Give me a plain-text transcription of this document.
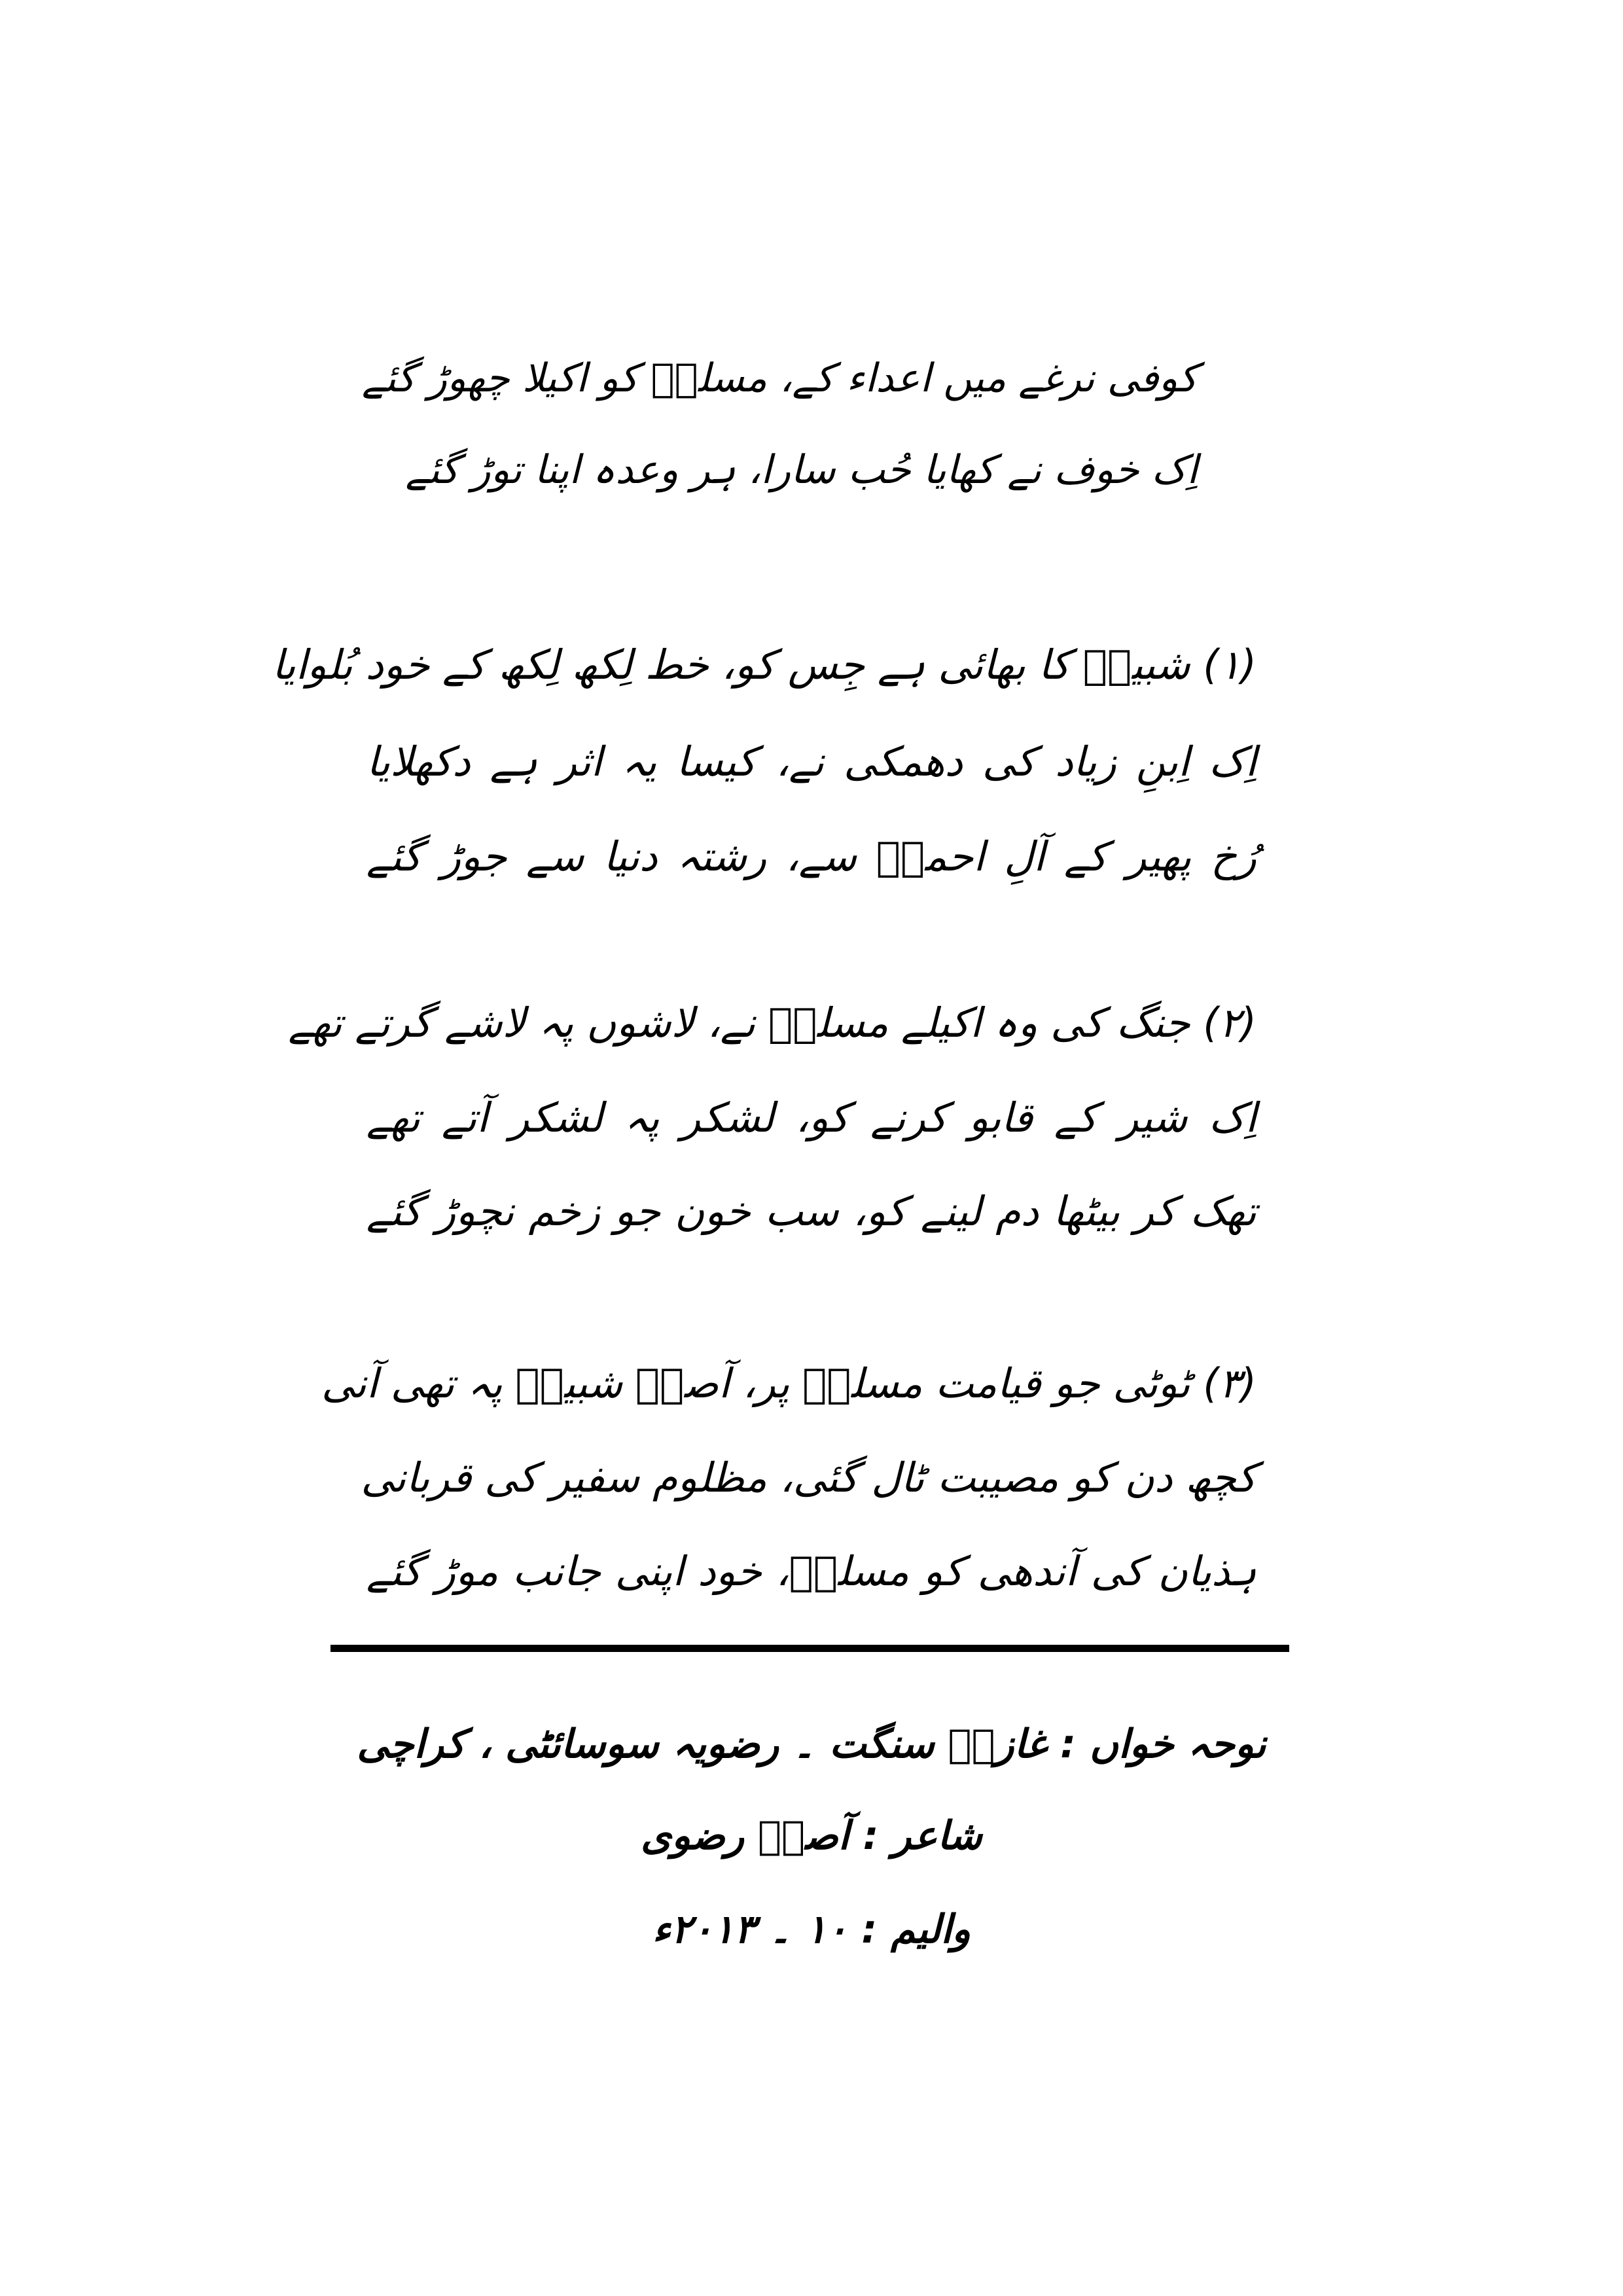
کوفی نرغے میں اعداء کے، مسلمؑ کو اکیلا چھوڑ گئے

اِک خوف نے کھایا حُب سارا، ہر وعدہ اپنا توڑ گئے

(۱) شبیرؑ کا بھائی ہے جِس کو، خط لِکھ لِکھ کے خود بُلوایا

اِک اِبنِ زیاد کی دھمکی نے، کیسا یہ اثر ہے دکھلایا

رُخ پھیر کے آلِ احمدؐ سے، رشتہ دنیا سے جوڑ گئے

(۲) جنگ کی وہ اکیلے مسلمؑ نے، لاشوں پہ لاشے گرتے تھے

اِک شیر کے قابو کرنے کو، لشکر پہ لشکر آتے تھے

تھک کر بیٹھا دم لینے کو، سب خون جو زخم نچوڑ گئے

(۳) ٹوٹی جو قیامت مسلمؑ پر، آصفؔ شبیرؑ پہ تھی آنی

کچھ دن کو مصیبت ٹال گئی، مظلوم سفیر کی قربانی

ہذیان کی آندھی کو مسلمؑ، خود اپنی جانب موڑ گئے

نوحہ خواں : غازیؑ سنگت ۔ رضویہ سوسائٹی ، کراچی

شاعر : آصفؔ رضوی

والیم : ۱۰ ۔ ۲۰۱۳ء
